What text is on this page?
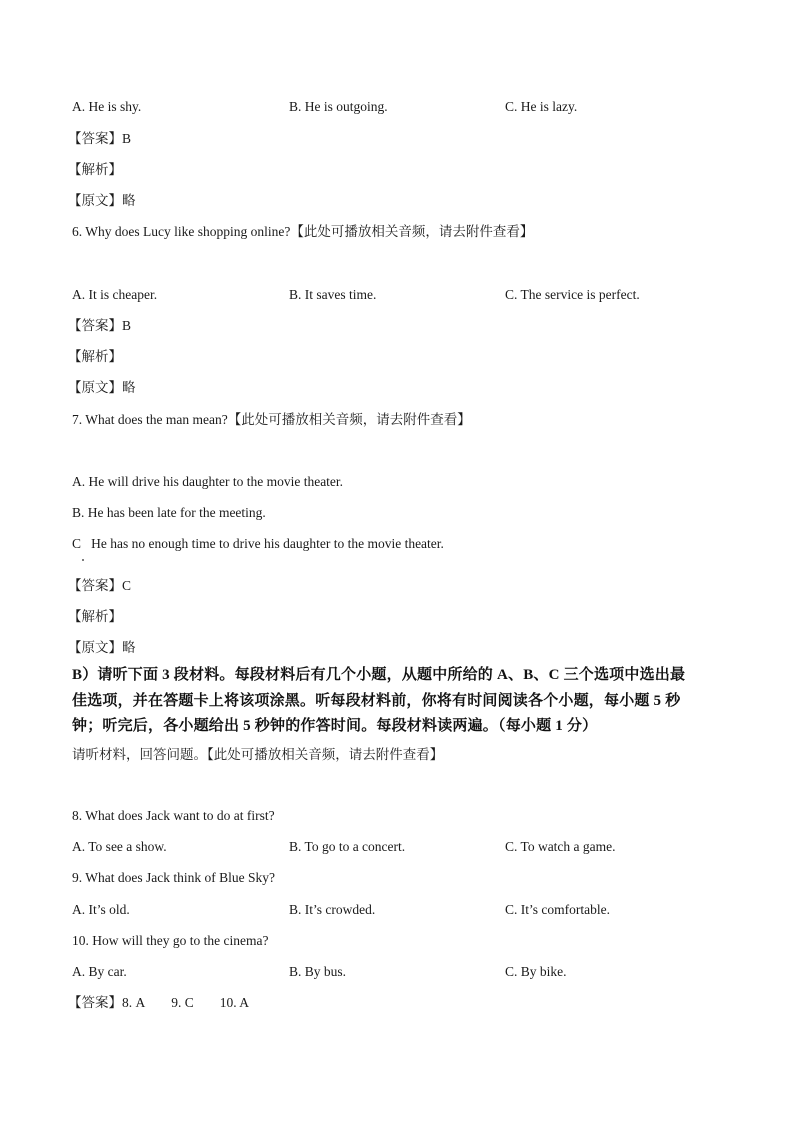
A. He is shy.	B. He is outgoing.	C. He is lazy.
【答案】B
【解析】
【原文】略
6. Why does Lucy like shopping online?【此处可播放相关音频，请去附件查看】
A. It is cheaper.	B. It saves time.	C. The service is perfect.
【答案】B
【解析】
【原文】略
7. What does the man mean?【此处可播放相关音频，请去附件查看】
A. He will drive his daughter to the movie theater.
B. He has been late for the meeting.
C   He has no enough time to drive his daughter to the movie theater.
【答案】C
【解析】
【原文】略
B）请听下面 3 段材料。每段材料后有几个小题，从题中所给的 A、B、C 三个选项中选出最
佳选项，并在答题卡上将该项涂黑。听每段材料前，你将有时间阅读各个小题，每小题 5 秒
钟；听完后，各小题给出 5 秒钟的作答时间。每段材料读两遍。（每小题 1 分）
请听材料，回答问题。【此处可播放相关音频，请去附件查看】
8. What does Jack want to do at first?
A. To see a show.	B. To go to a concert.	C. To watch a game.
9. What does Jack think of Blue Sky?
A. It’s old.	B. It’s crowded.	C. It’s comfortable.
10. How will they go to the cinema?
A. By car.	B. By bus.	C. By bike.
【答案】8. A 9. C 10. A
